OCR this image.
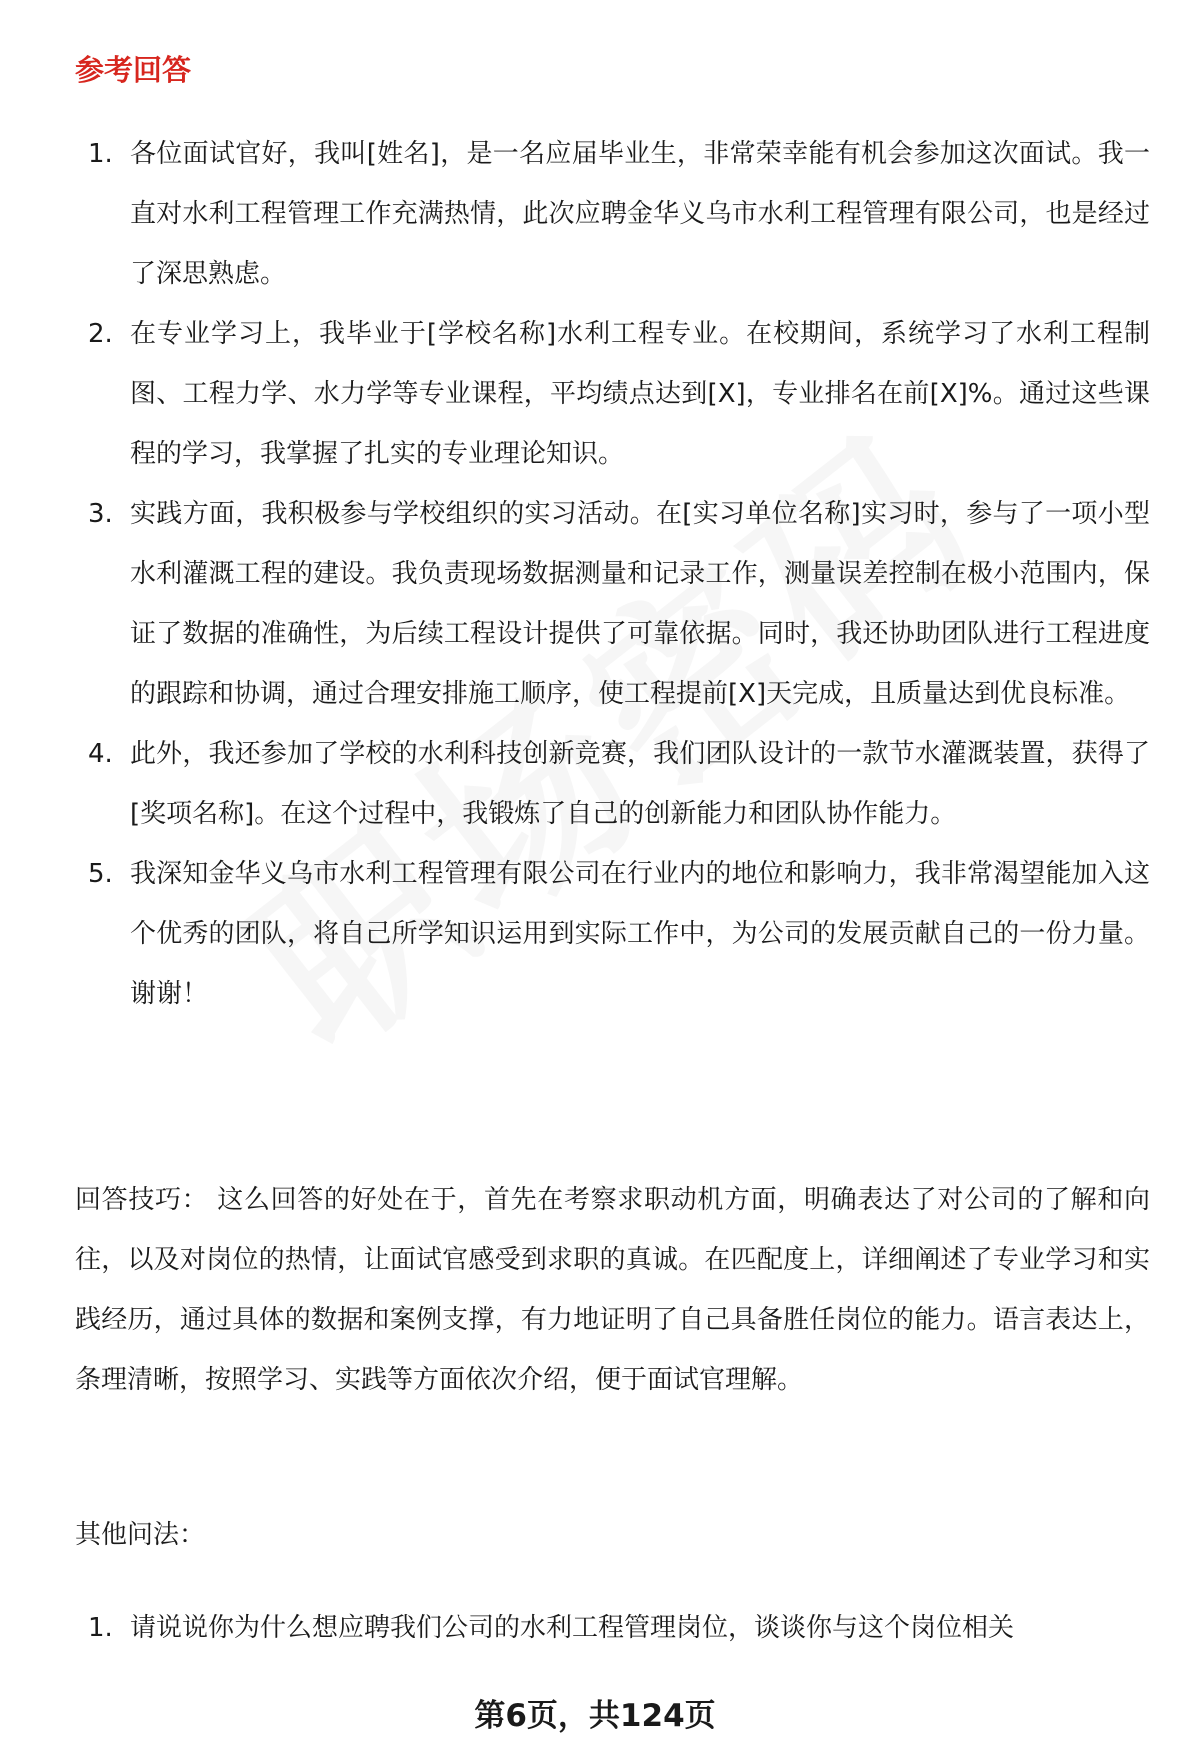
参考回答
1. 各位面试官好，我叫[姓名]，是一名应届毕业生，非常荣幸能有机会参加这次面试。我一直对水利工程管理工作充满热情，此次应聘金华义乌市水利工程管理有限公司，也是经过了深思熟虑。
2. 在专业学习上，我毕业于[学校名称]水利工程专业。在校期间，系统学习了水利工程制图、工程力学、水力学等专业课程，平均绩点达到[X]，专业排名在前[X]%。通过这些课程的学习，我掌握了扎实的专业理论知识。
3. 实践方面，我积极参与学校组织的实习活动。在[实习单位名称]实习时，参与了一项小型水利灌溉工程的建设。我负责现场数据测量和记录工作，测量误差控制在极小范围内，保证了数据的准确性，为后续工程设计提供了可靠依据。同时，我还协助团队进行工程进度的跟踪和协调，通过合理安排施工顺序，使工程提前[X]天完成，且质量达到优良标准。
4. 此外，我还参加了学校的水利科技创新竞赛，我们团队设计的一款节水灌溉装置，获得了[奖项名称]。在这个过程中，我锻炼了自己的创新能力和团队协作能力。
5. 我深知金华义乌市水利工程管理有限公司在行业内的地位和影响力，我非常渴望能加入这个优秀的团队，将自己所学知识运用到实际工作中，为公司的发展贡献自己的一份力量。谢谢！
回答技巧： 这么回答的好处在于，首先在考察求职动机方面，明确表达了对公司的了解和向往，以及对岗位的热情，让面试官感受到求职的真诚。在匹配度上，详细阐述了专业学习和实践经历，通过具体的数据和案例支撑，有力地证明了自己具备胜任岗位的能力。语言表达上，条理清晰，按照学习、实践等方面依次介绍，便于面试官理解。
其他问法：
1. 请说说你为什么想应聘我们公司的水利工程管理岗位，谈谈你与这个岗位相关
第6页，共124页
